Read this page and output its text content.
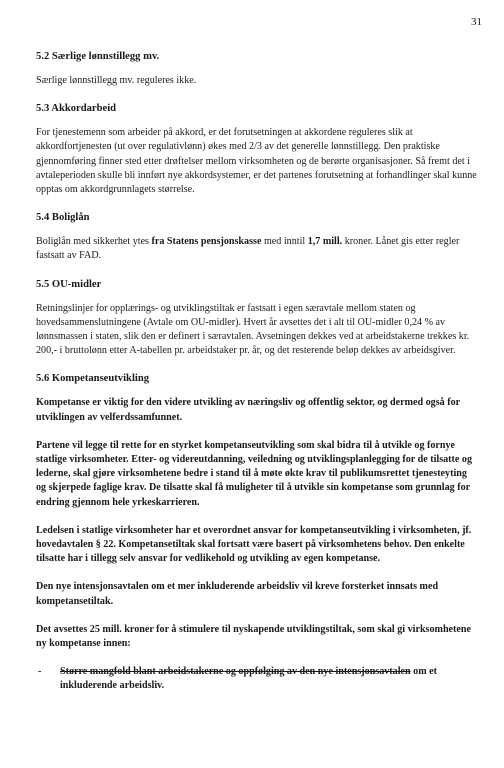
31
5.2 Særlige lønnstillegg mv.

Særlige lønnstillegg mv. reguleres ikke.

5.3 Akkordarbeid

For tjenestemenn som arbeider på akkord, er det forutsetningen at akkordene reguleres slik at akkordfortjenesten (ut over regulativlønn) økes med 2/3 av det generelle lønnstillegg. Den praktiske gjennomføring finner sted etter drøftelser mellom virksomheten og de berørte organisasjoner. Så fremt det i avtaleperioden skulle bli innført nye akkordsystemer, er det partenes forutsetning at forhandlinger skal kunne opptas om akkordgrunnlagets størrelse.

5.4 Boliglån

Boliglån med sikkerhet ytes fra Statens pensjonskasse med inntil 1,7 mill. kroner. Lånet gis etter regler fastsatt av FAD.

5.5 OU-midler

Retningslinjer for opplærings- og utviklingstiltak er fastsatt i egen særavtale mellom staten og hovedsammenslutningene (Avtale om OU-midler). Hvert år avsettes det i alt til OU-midler 0,24 % av lønnsmassen i staten, slik den er definert i særavtalen. Avsetningen dekkes ved at arbeidstakerne trekkes kr. 200,- i bruttolønn etter A-tabellen pr. arbeidstaker pr. år, og det resterende beløp dekkes av arbeidsgiver.

5.6 Kompetanseutvikling

Kompetanse er viktig for den videre utvikling av næringsliv og offentlig sektor, og dermed også for utviklingen av velferdssamfunnet.

Partene vil legge til rette for en styrket kompetanseutvikling som skal bidra til å utvikle og fornye statlige virksomheter. Etter- og videreutdanning, veiledning og utviklingsplanlegging for de tilsatte og lederne, skal gjøre virksomhetene bedre i stand til å møte økte krav til publikumsrettet tjenesteyting og skjerpede faglige krav. De tilsatte skal få muligheter til å utvikle sin kompetanse som grunnlag for endring gjennom hele yrkeskarrieren.

Ledelsen i statlige virksomheter har et overordnet ansvar for kompetanseutvikling i virksomheten, jf. hovedavtalen § 22. Kompetansetiltak skal fortsatt være basert på virksomhetens behov. Den enkelte tilsatte har i tillegg selv ansvar for vedlikehold og utvikling av egen kompetanse.

Den nye intensjonsavtalen om et mer inkluderende arbeidsliv vil kreve forsterket innsats med kompetansetiltak.

Det avsettes 25 mill. kroner for å stimulere til nyskapende utviklingstiltak, som skal gi virksomhetene ny kompetanse innen:

- Større mangfold blant arbeidstakerne og oppfølging av den nye intensjonsavtalen om et inkluderende arbeidsliv.
